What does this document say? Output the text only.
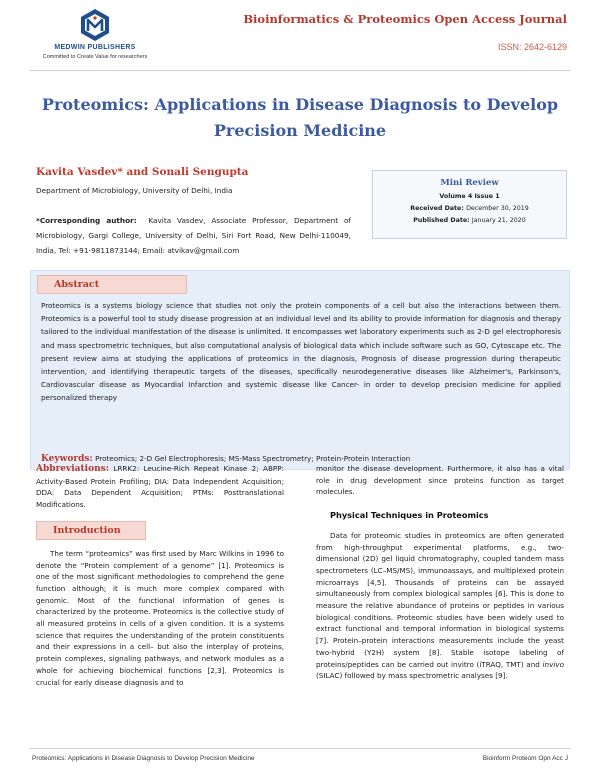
MEDWIN PUBLISHERS
Committed to Create Value for researchers
Bioinformatics & Proteomics Open Access Journal
ISSN: 2642-6129
Proteomics: Applications in Disease Diagnosis to Develop Precision Medicine
Kavita Vasdev* and Sonali Sengupta
Department of Microbiology, University of Delhi, India
*Corresponding author: Kavita Vasdev, Associate Professor, Department of Microbiology, Gargi College, University of Delhi, Siri Fort Road, New Delhi-110049, India, Tel: +91-9811873144; Email: atvikav@gmail.com
Mini Review
Volume 4 Issue 1
Received Date: December 30, 2019
Published Date: January 21, 2020
Abstract

Proteomics is a systems biology science that studies not only the protein components of a cell but also the interactions between them. Proteomics is a powerful tool to study disease progression at an individual level and its ability to provide information for diagnosis and therapy tailored to the individual manifestation of the disease is unlimited. It encompasses wet laboratory experiments such as 2-D gel electrophoresis and mass spectrometric techniques, but also computational analysis of biological data which include software such as GO, Cytoscape etc. The present review aims at studying the applications of proteomics in the diagnosis, Prognosis of disease progression during therapeutic intervention, and identifying therapeutic targets of the diseases, specifically neurodegenerative diseases like Alzheimer's, Parkinson's, Cardiovascular disease as Myocardial Infarction and systemic disease like Cancer- in order to develop precision medicine for applied personalized therapy

Keywords: Proteomics; 2-D Gel Electrophoresis; MS-Mass Spectrometry; Protein-Protein Interaction

Abbreviations: LRRK2: Leucine-Rich Repeat Kinase 2; ABPP: Activity-Based Protein Profiling; DIA: Data Independent Acquisition; DDA: Data Dependent Acquisition; PTMs: Posttranslational Modifications.

Introduction

The term “proteomics” was first used by Marc Wilkins in 1996 to denote the “Protein complement of a genome” [1]. Proteomics is one of the most significant methodologies to comprehend the gene function although; it is much more complex compared with genomic. Most of the functional information of genes is characterized by the proteome. Proteomics is the collective study of all measured proteins in cells of a given condition. It is a systems science that requires the understanding of the protein constituents and their expressions in a cell– but also the interplay of proteins, protein complexes, signaling pathways, and network modules as a whole for achieving biochemical functions [2,3]. Proteomics is crucial for early disease diagnosis and to

monitor the disease development. Furthermore, it also has a vital role in drug development since proteins function as target molecules.

Physical Techniques in Proteomics

Data for proteomic studies in proteomics are often generated from high-throughput experimental platforms, e.g., two- dimensional (2D) gel liquid chromatography, coupled tandem mass spectrometers (LC–MS/MS), immunoassays, and multiplexed protein microarrays [4,5]. Thousands of proteins can be assayed simultaneously from complex biological samples [6]. This is done to measure the relative abundance of proteins or peptides in various biological conditions. Proteomic studies have been widely used to extract functional and temporal information in biological systems [7]. Protein–protein interactions measurements include the yeast two-hybrid (Y2H) system [8]. Stable isotope labeling of proteins/peptides can be carried out invitro (iTRAQ, TMT) and invivo (SILAC) followed by mass spectrometric analyses [9].

Proteomics: Applications in Disease Diagnosis to Develop Precision Medicine	Bioinform Proteom Opn Acc J
